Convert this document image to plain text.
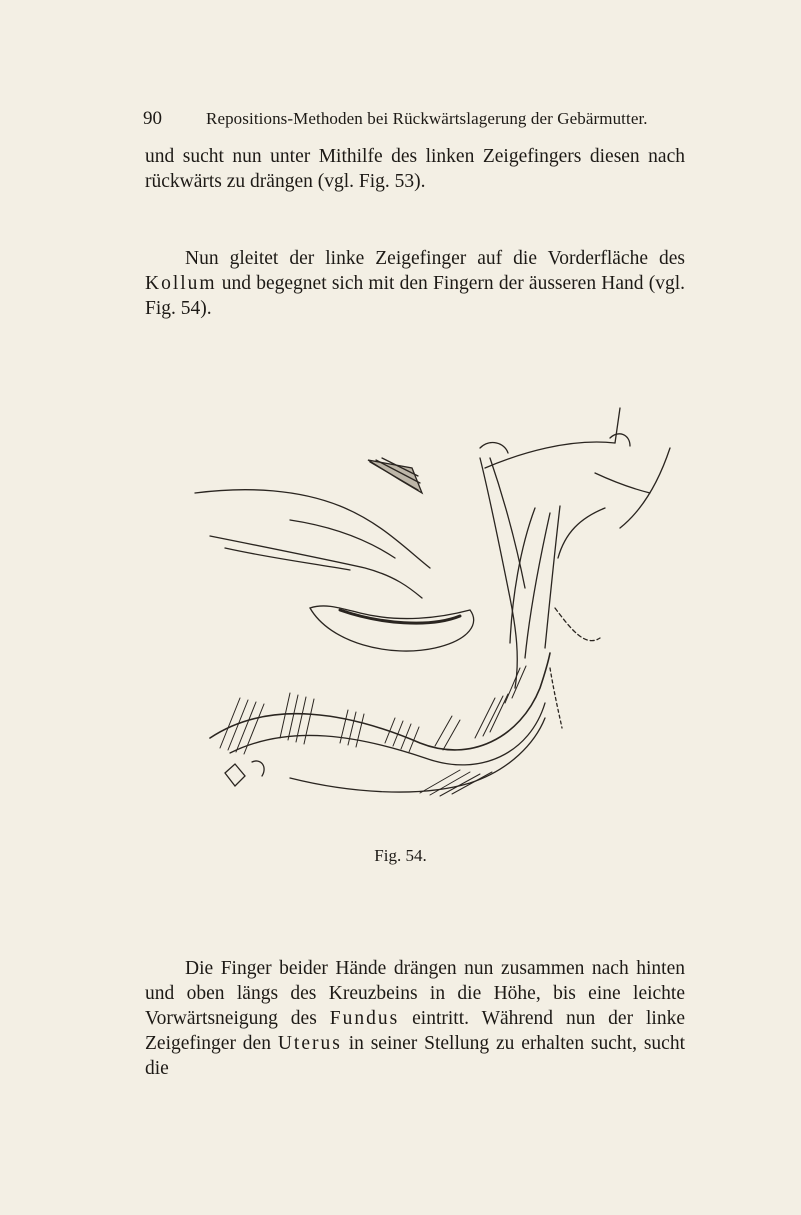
90	Repositions-Methoden bei Rückwärtslagerung der Gebärmutter.

und sucht nun unter Mithilfe des linken Zeigefingers diesen nach rückwärts zu drängen (vgl. Fig. 53).

Nun gleitet der linke Zeigefinger auf die Vorderfläche des Kollum und begegnet sich mit den Fingern der äusseren Hand (vgl. Fig. 54).

Fig. 54.

Die Finger beider Hände drängen nun zusammen nach hinten und oben längs des Kreuzbeins in die Höhe, bis eine leichte Vorwärtsneigung des Fundus eintritt. Während nun der linke Zeigefinger den Uterus in seiner Stellung zu erhalten sucht, sucht die
